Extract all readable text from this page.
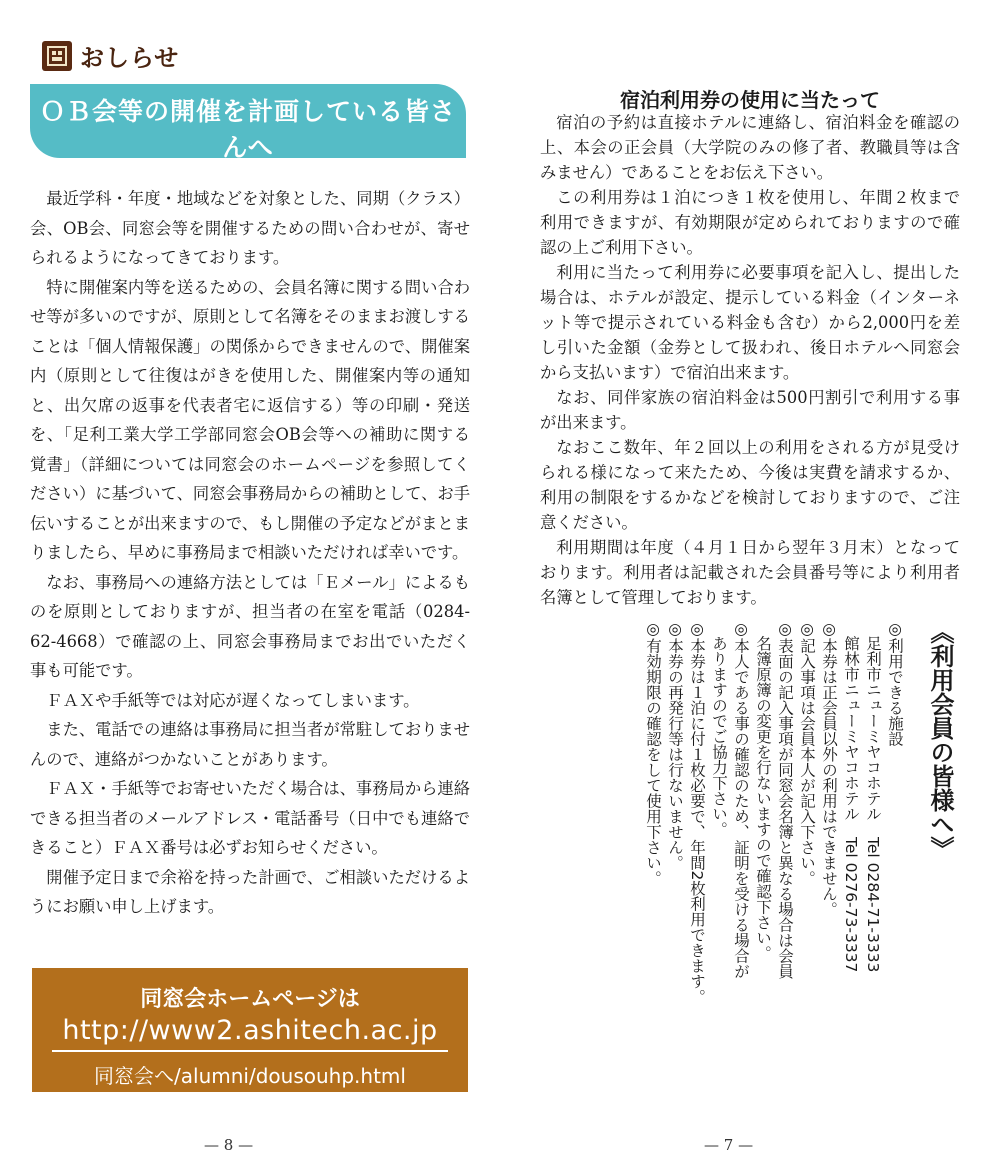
おしらせ
ＯＢ会等の開催を計画している皆さんへ
事務局からのお知らせ

最近学科・年度・地域などを対象とした、同期（クラス）会、OB会、同窓会等を開催するための問い合わせが、寄せられるようになってきております。

特に開催案内等を送るための、会員名簿に関する問い合わせ等が多いのですが、原則として名簿をそのままお渡しすることは「個人情報保護」の関係からできませんので、開催案内（原則として往復はがきを使用した、開催案内等の通知と、出欠席の返事を代表者宅に返信する）等の印刷・発送を、「足利工業大学工学部同窓会OB会等への補助に関する覚書」（詳細については同窓会のホームページを参照してください）に基づいて、同窓会事務局からの補助として、お手伝いすることが出来ますので、もし開催の予定などがまとまりましたら、早めに事務局まで相談いただければ幸いです。

なお、事務局への連絡方法としては「Ｅメール」によるものを原則としておりますが、担当者の在室を電話（0284-62-4668）で確認の上、同窓会事務局までお出でいただく事も可能です。

ＦＡＸや手紙等では対応が遅くなってしまいます。

また、電話での連絡は事務局に担当者が常駐しておりませんので、連絡がつかないことがあります。

ＦＡＸ・手紙等でお寄せいただく場合は、事務局から連絡できる担当者のメールアドレス・電話番号（日中でも連絡できること）ＦＡＸ番号は必ずお知らせください。

開催予定日まで余裕を持った計画で、ご相談いただけるようにお願い申し上げます。

同窓会ホームページは
http://www2.ashitech.ac.jp
同窓会へ/alumni/dousouhp.html
— 8 —
宿泊利用券の使用に当たって

宿泊の予約は直接ホテルに連絡し、宿泊料金を確認の上、本会の正会員（大学院のみの修了者、教職員等は含みません）であることをお伝え下さい。

この利用券は１泊につき１枚を使用し、年間２枚まで利用できますが、有効期限が定められておりますので確認の上ご利用下さい。

利用に当たって利用券に必要事項を記入し、提出した場合は、ホテルが設定、提示している料金（インターネット等で提示されている料金も含む）から2,000円を差し引いた金額（金券として扱われ、後日ホテルへ同窓会から支払います）で宿泊出来ます。

なお、同伴家族の宿泊料金は500円割引で利用する事が出来ます。

なおここ数年、年２回以上の利用をされる方が見受けられる様になって来たため、今後は実費を請求するか、利用の制限をするかなどを検討しておりますので、ご注意ください。

利用期間は年度（４月１日から翌年３月末）となっております。利用者は記載された会員番号等により利用者名簿として管理しております。

《利用会員の皆様へ》
◎利用できる施設
　足利市ニューミヤコホテル　Tel 0284-71-3333
　館林市ニューミヤコホテル　Tel 0276-73-3337
◎本券は正会員以外の利用はできません。
◎記入事項は会員本人が記入下さい。
◎表面の記入事項が同窓会名簿と異なる場合は会員
　名簿原簿の変更を行ないますので確認下さい。
◎本人である事の確認のため、証明を受ける場合が
　ありますのでご協力下さい。
◎本券は１泊に付１枚必要で、年間2枚利用できます。
◎本券の再発行等は行ないません。
◎有効期限の確認をして使用下さい。
— 7 —
